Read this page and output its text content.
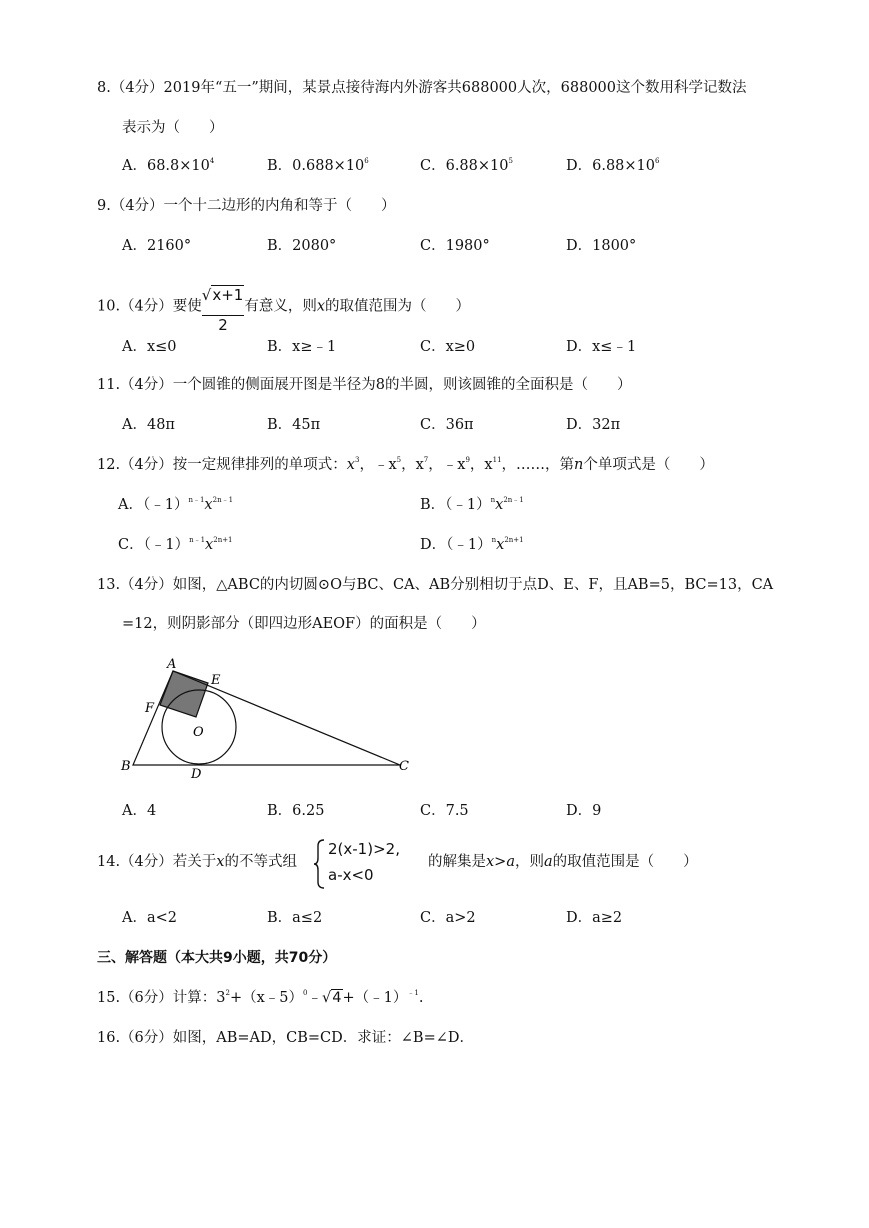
8.（4分）2019年“五一”期间，某景点接待海内外游客共688000人次，688000这个数用科学记数法
表示为（　　）
A．$68.8\times 10^4$	B．$0.688\times 10^6$	C．$6.88\times 10^5$	D．$6.88\times 10^6$
9.（4分）一个十二边形的内角和等于（　　）
A．2160°	B．2080°	C．1980°	D．1800°
10.（4分）要使 $\frac{√x+1}{2}$ 有意义，则x的取值范围为（　　）
A．x≤0	B．x≥﹣1	C．x≥0	D．x≤﹣1
11.（4分）一个圆锥的侧面展开图是半径为8的半圆，则该圆锥的全面积是（　　）
A．48π	B．45π	C．36π	D．32π
12.（4分）按一定规律排列的单项式：$x^3$，$﹣x^5$，$x^7$，$﹣x^9$，$x^{11}$，……，第n个单项式是（　　）
A．$(﹣1)^{n﹣1}x^{2n﹣1}$	B．$(﹣1)^nx^{2n﹣1}$
C．$(﹣1)^{n﹣1}x^{2n+1}$	D．$(﹣1)^nx^{2n+1}$
13.（4分）如图，△ABC的内切圆⊙O与BC、CA、AB分别相切于点D、E、F，且AB=5，BC=13，CA
=12，则阴影部分（即四边形AEOF）的面积是（　　）
A
E
F
O
B
D
C
A．4	B．6.25	C．7.5	D．9
14.（4分）若关于x的不等式组
2(x-1)>2,
a-x<0
的解集是x>a，则a的取值范围是（　　）
A．a<2	B．a≤2	C．a>2	D．a≥2
三、解答题（本大共9小题，共70分）
15.（6分）计算：$3^2+(x﹣5)^0﹣√4+(﹣1)^{﹣1}$.
16.（6分）如图，AB=AD，CB=CD．求证：∠B=∠D．
